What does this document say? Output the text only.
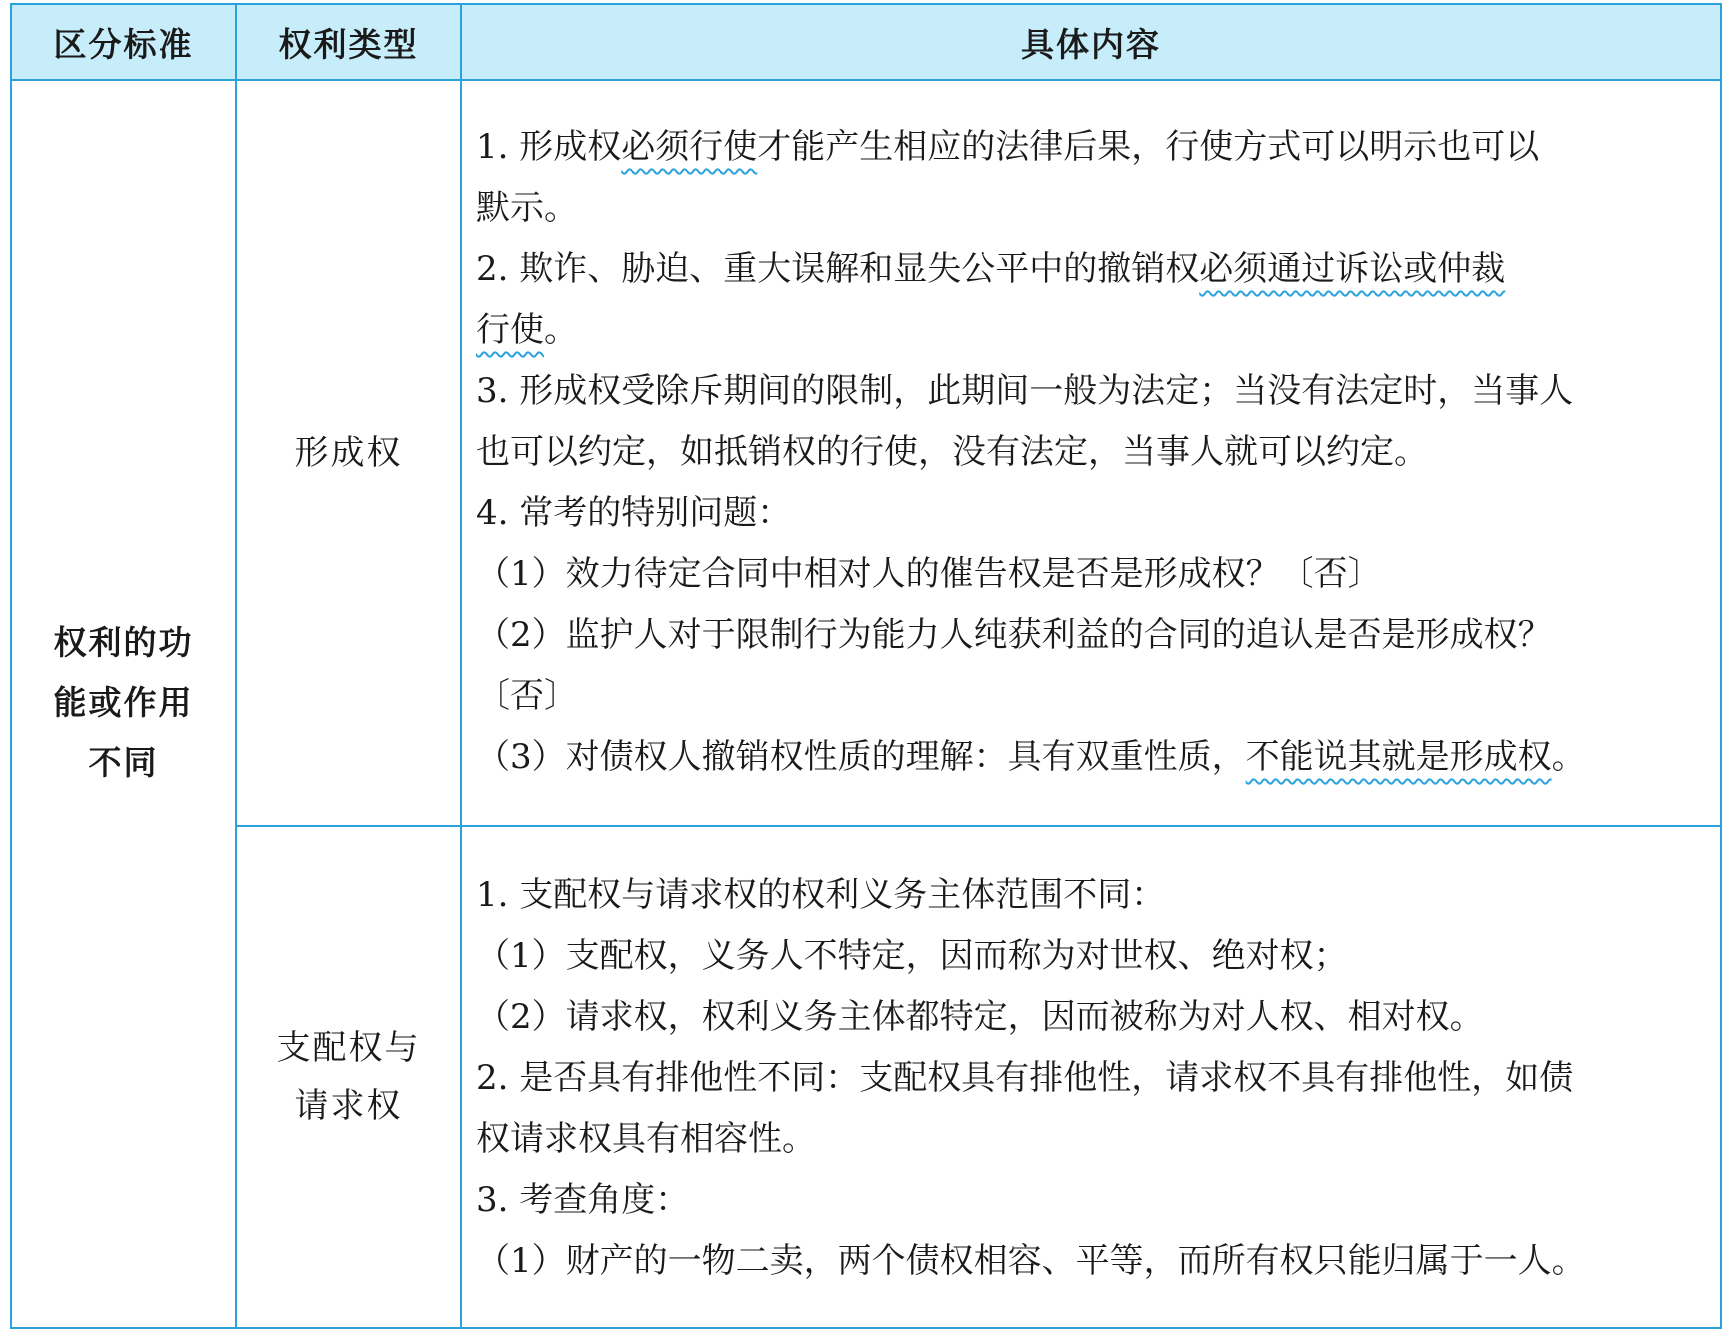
区分标准	权利类型	具体内容
权利的功
能或作用
不同
形成权

1. 形成权必须行使才能产生相应的法律后果，行使方式可以明示也可以

默示。

2. 欺诈、胁迫、重大误解和显失公平中的撤销权必须通过诉讼或仲裁

行使。

3. 形成权受除斥期间的限制，此期间一般为法定；当没有法定时，当事人

也可以约定，如抵销权的行使，没有法定，当事人就可以约定。

4. 常考的特别问题：

（1）效力待定合同中相对人的催告权是否是形成权？〔否〕

（2）监护人对于限制行为能力人纯获利益的合同的追认是否是形成权？

〔否〕

（3）对债权人撤销权性质的理解：具有双重性质，不能说其就是形成权。

支配权与
请求权

1. 支配权与请求权的权利义务主体范围不同：

（1）支配权，义务人不特定，因而称为对世权、绝对权；

（2）请求权，权利义务主体都特定，因而被称为对人权、相对权。

2. 是否具有排他性不同：支配权具有排他性，请求权不具有排他性，如债

权请求权具有相容性。

3. 考查角度：

（1）财产的一物二卖，两个债权相容、平等，而所有权只能归属于一人。
